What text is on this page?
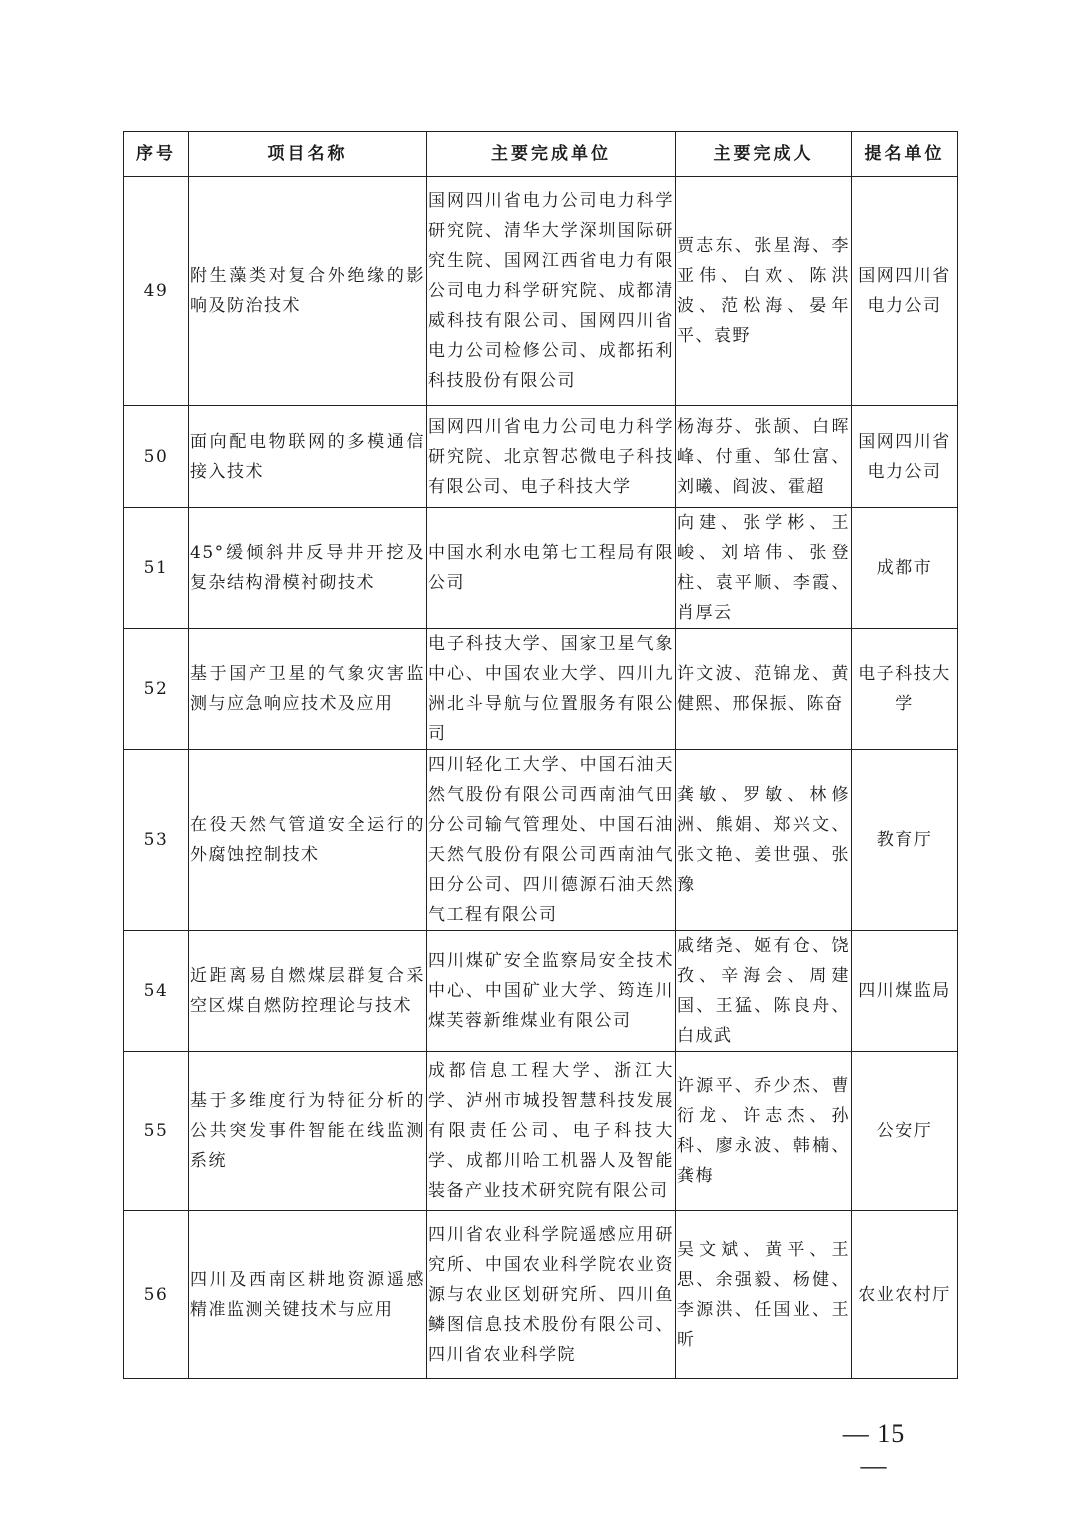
序号	项目名称	主要完成单位	主要完成人	提名单位
49	附生藻类对复合外绝缘的影响及防治技术	国网四川省电力公司电力科学研究院、清华大学深圳国际研究生院、国网江西省电力有限公司电力科学研究院、成都清威科技有限公司、国网四川省电力公司检修公司、成都拓利科技股份有限公司	贾志东、张星海、李亚伟、白欢、陈洪波、范松海、晏年平、袁野	国网四川省电力公司
50	面向配电物联网的多模通信接入技术	国网四川省电力公司电力科学研究院、北京智芯微电子科技有限公司、电子科技大学	杨海芬、张颉、白晖峰、付重、邹仕富、刘曦、阎波、霍超	国网四川省电力公司
51	45°缓倾斜井反导井开挖及复杂结构滑模衬砌技术	中国水利水电第七工程局有限公司	向建、张学彬、王峻、刘培伟、张登柱、袁平顺、李霞、肖厚云	成都市
52	基于国产卫星的气象灾害监测与应急响应技术及应用	电子科技大学、国家卫星气象中心、中国农业大学、四川九洲北斗导航与位置服务有限公司	许文波、范锦龙、黄健熙、邢保振、陈奋	电子科技大学
53	在役天然气管道安全运行的外腐蚀控制技术	四川轻化工大学、中国石油天然气股份有限公司西南油气田分公司输气管理处、中国石油天然气股份有限公司西南油气田分公司、四川德源石油天然气工程有限公司	龚敏、罗敏、林修洲、熊娟、郑兴文、张文艳、姜世强、张豫	教育厅
54	近距离易自燃煤层群复合采空区煤自燃防控理论与技术	四川煤矿安全监察局安全技术中心、中国矿业大学、筠连川煤芙蓉新维煤业有限公司	戚绪尧、姬有仓、饶孜、辛海会、周建国、王猛、陈良舟、白成武	四川煤监局
55	基于多维度行为特征分析的公共突发事件智能在线监测系统	成都信息工程大学、浙江大学、泸州市城投智慧科技发展有限责任公司、电子科技大学、成都川哈工机器人及智能装备产业技术研究院有限公司	许源平、乔少杰、曹衍龙、许志杰、孙科、廖永波、韩楠、龚梅	公安厅
56	四川及西南区耕地资源遥感精准监测关键技术与应用	四川省农业科学院遥感应用研究所、中国农业科学院农业资源与农业区划研究所、四川鱼鳞图信息技术股份有限公司、四川省农业科学院	吴文斌、黄平、王思、余强毅、杨健、李源洪、任国业、王昕	农业农村厅
— 15 —
